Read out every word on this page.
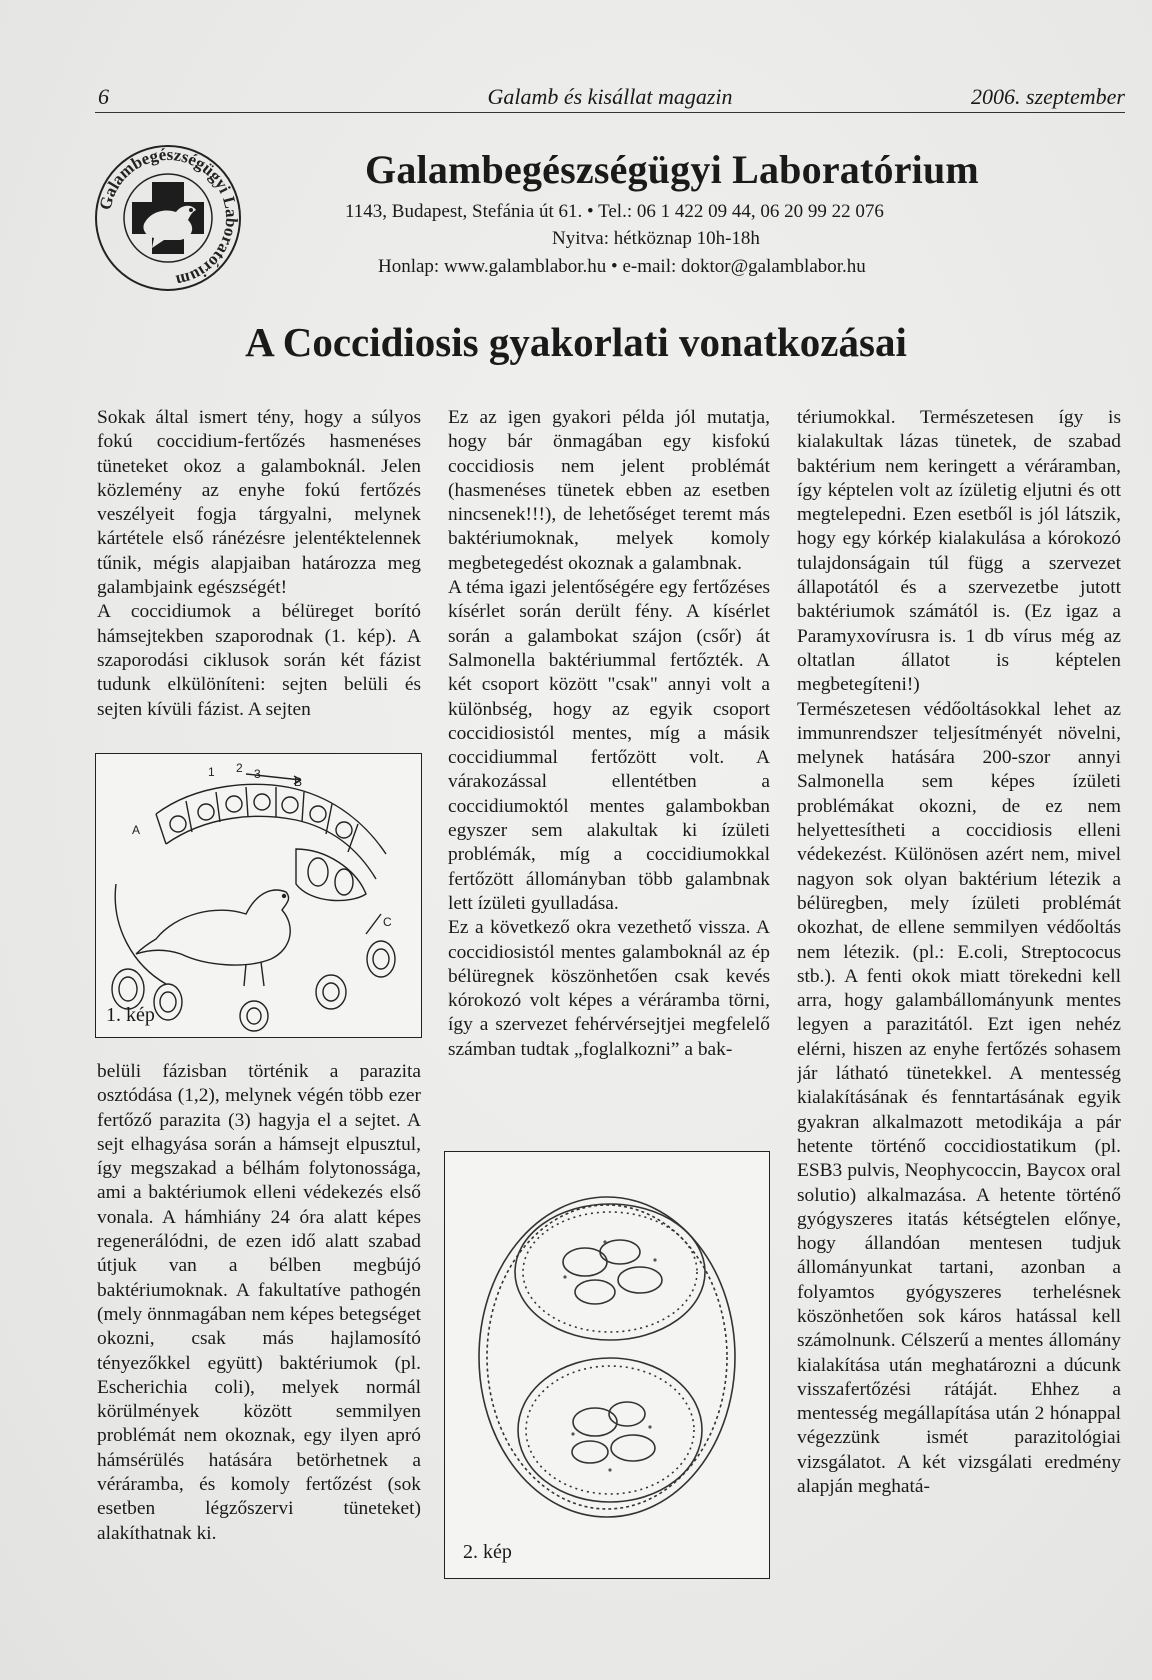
6	Galamb és kisállat magazin	2006. szeptember
Galambegészségügyi Laboratórium
Galambegészségügyi Laboratórium
1143, Budapest, Stefánia út 61. • Tel.: 06 1 422 09 44, 06 20 99 22 076
Nyitva: hétköznap 10h-18h
Honlap: www.galamblabor.hu • e-mail: doktor@galamblabor.hu
A Coccidiosis gyakorlati vonatkozásai

Sokak által ismert tény, hogy a súlyos fokú coccidium-fertőzés hasmenéses tüneteket okoz a galamboknál. Jelen közlemény az enyhe fokú fertőzés veszélyeit fogja tárgyalni, melynek kártétele első ránézésre jelentéktelennek tűnik, mégis alapjaiban határozza meg galambjaink egészségét!

A coccidiumok a bélüreget borító hámsejtekben szaporodnak (1. kép). A szaporodási ciklusok során két fázist tudunk elkülöníteni: sejten belüli és sejten kívüli fázist. A sejten

1 2 3
A
B
C
1. kép

belüli fázisban történik a parazita osztódása (1,2), melynek végén több ezer fertőző parazita (3) hagyja el a sejtet. A sejt elhagyása során a hámsejt elpusztul, így megszakad a bélhám folytonossága, ami a baktériumok elleni védekezés első vonala. A hámhiány 24 óra alatt képes regenerálódni, de ezen idő alatt szabad útjuk van a bélben megbújó baktériumoknak. A fakultatíve pathogén (mely önnmagában nem képes betegséget okozni, csak más hajlamosító tényezőkkel együtt) baktériumok (pl. Escherichia coli), melyek normál körülmények között semmilyen problémát nem okoznak, egy ilyen apró hámsérülés hatására betörhetnek a véráramba, és komoly fertőzést (sok esetben légzőszervi tüneteket) alakíthatnak ki.

Ez az igen gyakori példa jól mutatja, hogy bár önmagában egy kisfokú coccidiosis nem jelent problémát (hasmenéses tünetek ebben az esetben nincsenek!!!), de lehetőséget teremt más baktériumoknak, melyek komoly megbetegedést okoznak a galambnak.

A téma igazi jelentőségére egy fertőzéses kísérlet során derült fény. A kísérlet során a galambokat szájon (csőr) át Salmonella baktériummal fertőzték. A két csoport között "csak" annyi volt a különbség, hogy az egyik csoport coccidiosistól mentes, míg a másik coccidiummal fertőzött volt. A várakozással ellentétben a coccidiumoktól mentes galambokban egyszer sem alakultak ki ízületi problémák, míg a coccidiumokkal fertőzött állományban több galambnak lett ízületi gyulladása.

Ez a következő okra vezethető vissza. A coccidiosistól mentes galamboknál az ép bélüregnek köszönhetően csak kevés kórokozó volt képes a véráramba törni, így a szervezet fehérvérsejtjei megfelelő számban tudtak „foglalkozni” a bak-

2. kép

tériumokkal. Természetesen így is kialakultak lázas tünetek, de szabad baktérium nem keringett a véráramban, így képtelen volt az ízületig eljutni és ott megtelepedni. Ezen esetből is jól látszik, hogy egy kórkép kialakulása a kórokozó tulajdonságain túl függ a szervezet állapotától és a szervezetbe jutott baktériumok számától is. (Ez igaz a Paramyxovírusra is. 1 db vírus még az oltatlan állatot is képtelen megbetegíteni!)

Természetesen védőoltásokkal lehet az immunrendszer teljesítményét növelni, melynek hatására 200-szor annyi Salmonella sem képes ízületi problémákat okozni, de ez nem helyettesítheti a coccidiosis elleni védekezést. Különösen azért nem, mivel nagyon sok olyan baktérium létezik a bélüregben, mely ízületi problémát okozhat, de ellene semmilyen védőoltás nem létezik. (pl.: E.coli, Streptococus stb.). A fenti okok miatt törekedni kell arra, hogy galambállományunk mentes legyen a parazitától. Ezt igen nehéz elérni, hiszen az enyhe fertőzés sohasem jár látható tünetekkel. A mentesség kialakításának és fenntartásának egyik gyakran alkalmazott metodikája a pár hetente történő coccidiostatikum (pl. ESB3 pulvis, Neophycoccin, Baycox oral solutio) alkalmazása. A hetente történő gyógyszeres itatás kétségtelen előnye, hogy állandóan mentesen tudjuk állományunkat tartani, azonban a folyamtos gyógyszeres terhelésnek köszönhetően sok káros hatással kell számolnunk. Célszerű a mentes állomány kialakítása után meghatározni a dúcunk visszafertőzési rátáját. Ehhez a mentesség megállapítása után 2 hónappal végezzünk ismét parazitológiai vizsgálatot. A két vizsgálati eredmény alapján meghatá-
